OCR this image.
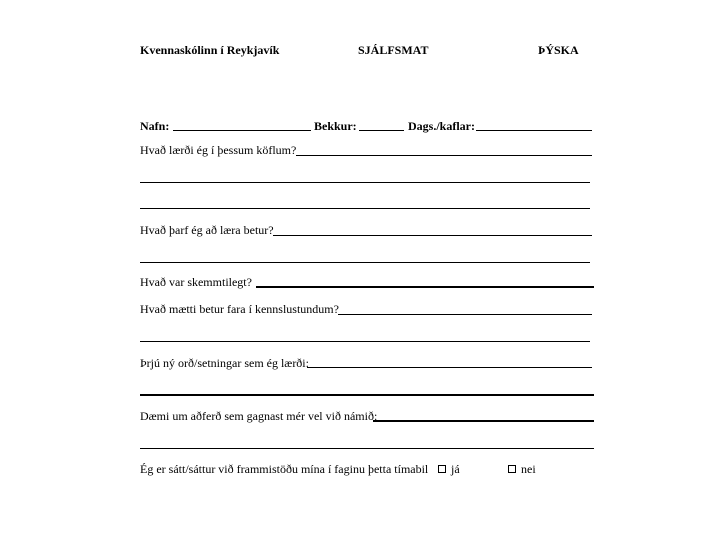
Kvennaskólinn í Reykjavík	SJÁLFSMAT	ÞÝSKA
Nafn:	Bekkur:	Dags./kaflar:
Hvað lærði ég í þessum köflum?
Hvað þarf ég að læra betur?
Hvað var skemmtilegt?
Hvað mætti betur fara í kennslustundum?
Þrjú ný orð/setningar sem ég lærði:
Dæmi um aðferð sem gagnast mér vel við námið:
Ég er sátt/sáttur við frammistöðu mína í faginu þetta tímabil	já	nei
